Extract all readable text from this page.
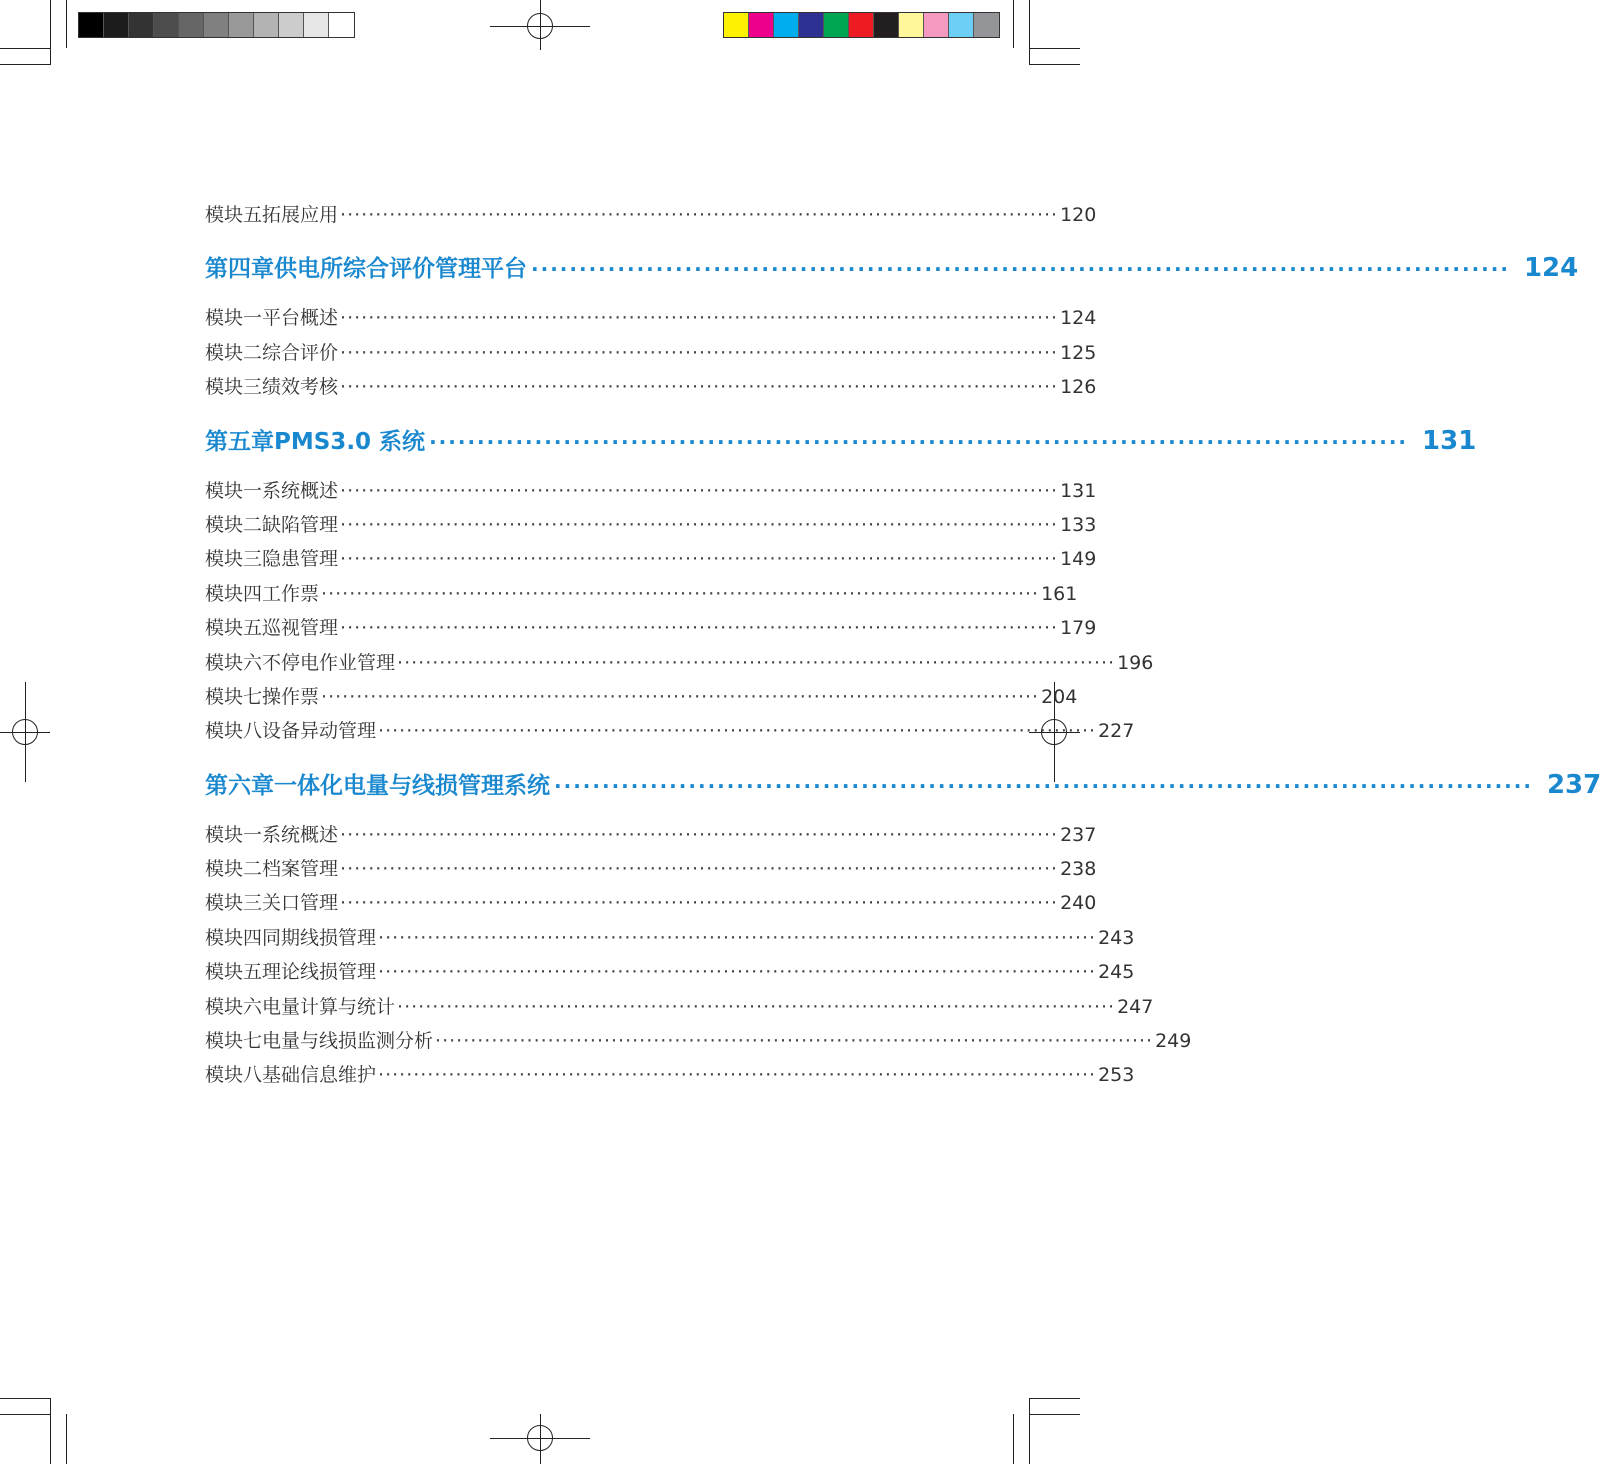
模块五 拓展应用 ······································································································ 120
第四章 供电所综合评价管理平台 ······································································································ 124
模块一 平台概述 ······································································································ 124
模块二 综合评价 ······································································································ 125
模块三 绩效考核 ······································································································ 126
第五章 PMS3.0 系统 ······································································································ 131
模块一 系统概述 ······································································································ 131
模块二 缺陷管理 ······································································································ 133
模块三 隐患管理 ······································································································ 149
模块四 工作票 ······································································································ 161
模块五 巡视管理 ······································································································ 179
模块六 不停电作业管理 ······································································································ 196
模块七 操作票 ······································································································ 204
模块八 设备异动管理 ······································································································ 227
第六章 一体化电量与线损管理系统 ······································································································ 237
模块一 系统概述 ······································································································ 237
模块二 档案管理 ······································································································ 238
模块三 关口管理 ······································································································ 240
模块四 同期线损管理 ······································································································ 243
模块五 理论线损管理 ······································································································ 245
模块六 电量计算与统计 ······································································································ 247
模块七 电量与线损监测分析 ······································································································ 249
模块八 基础信息维护 ······································································································ 253
